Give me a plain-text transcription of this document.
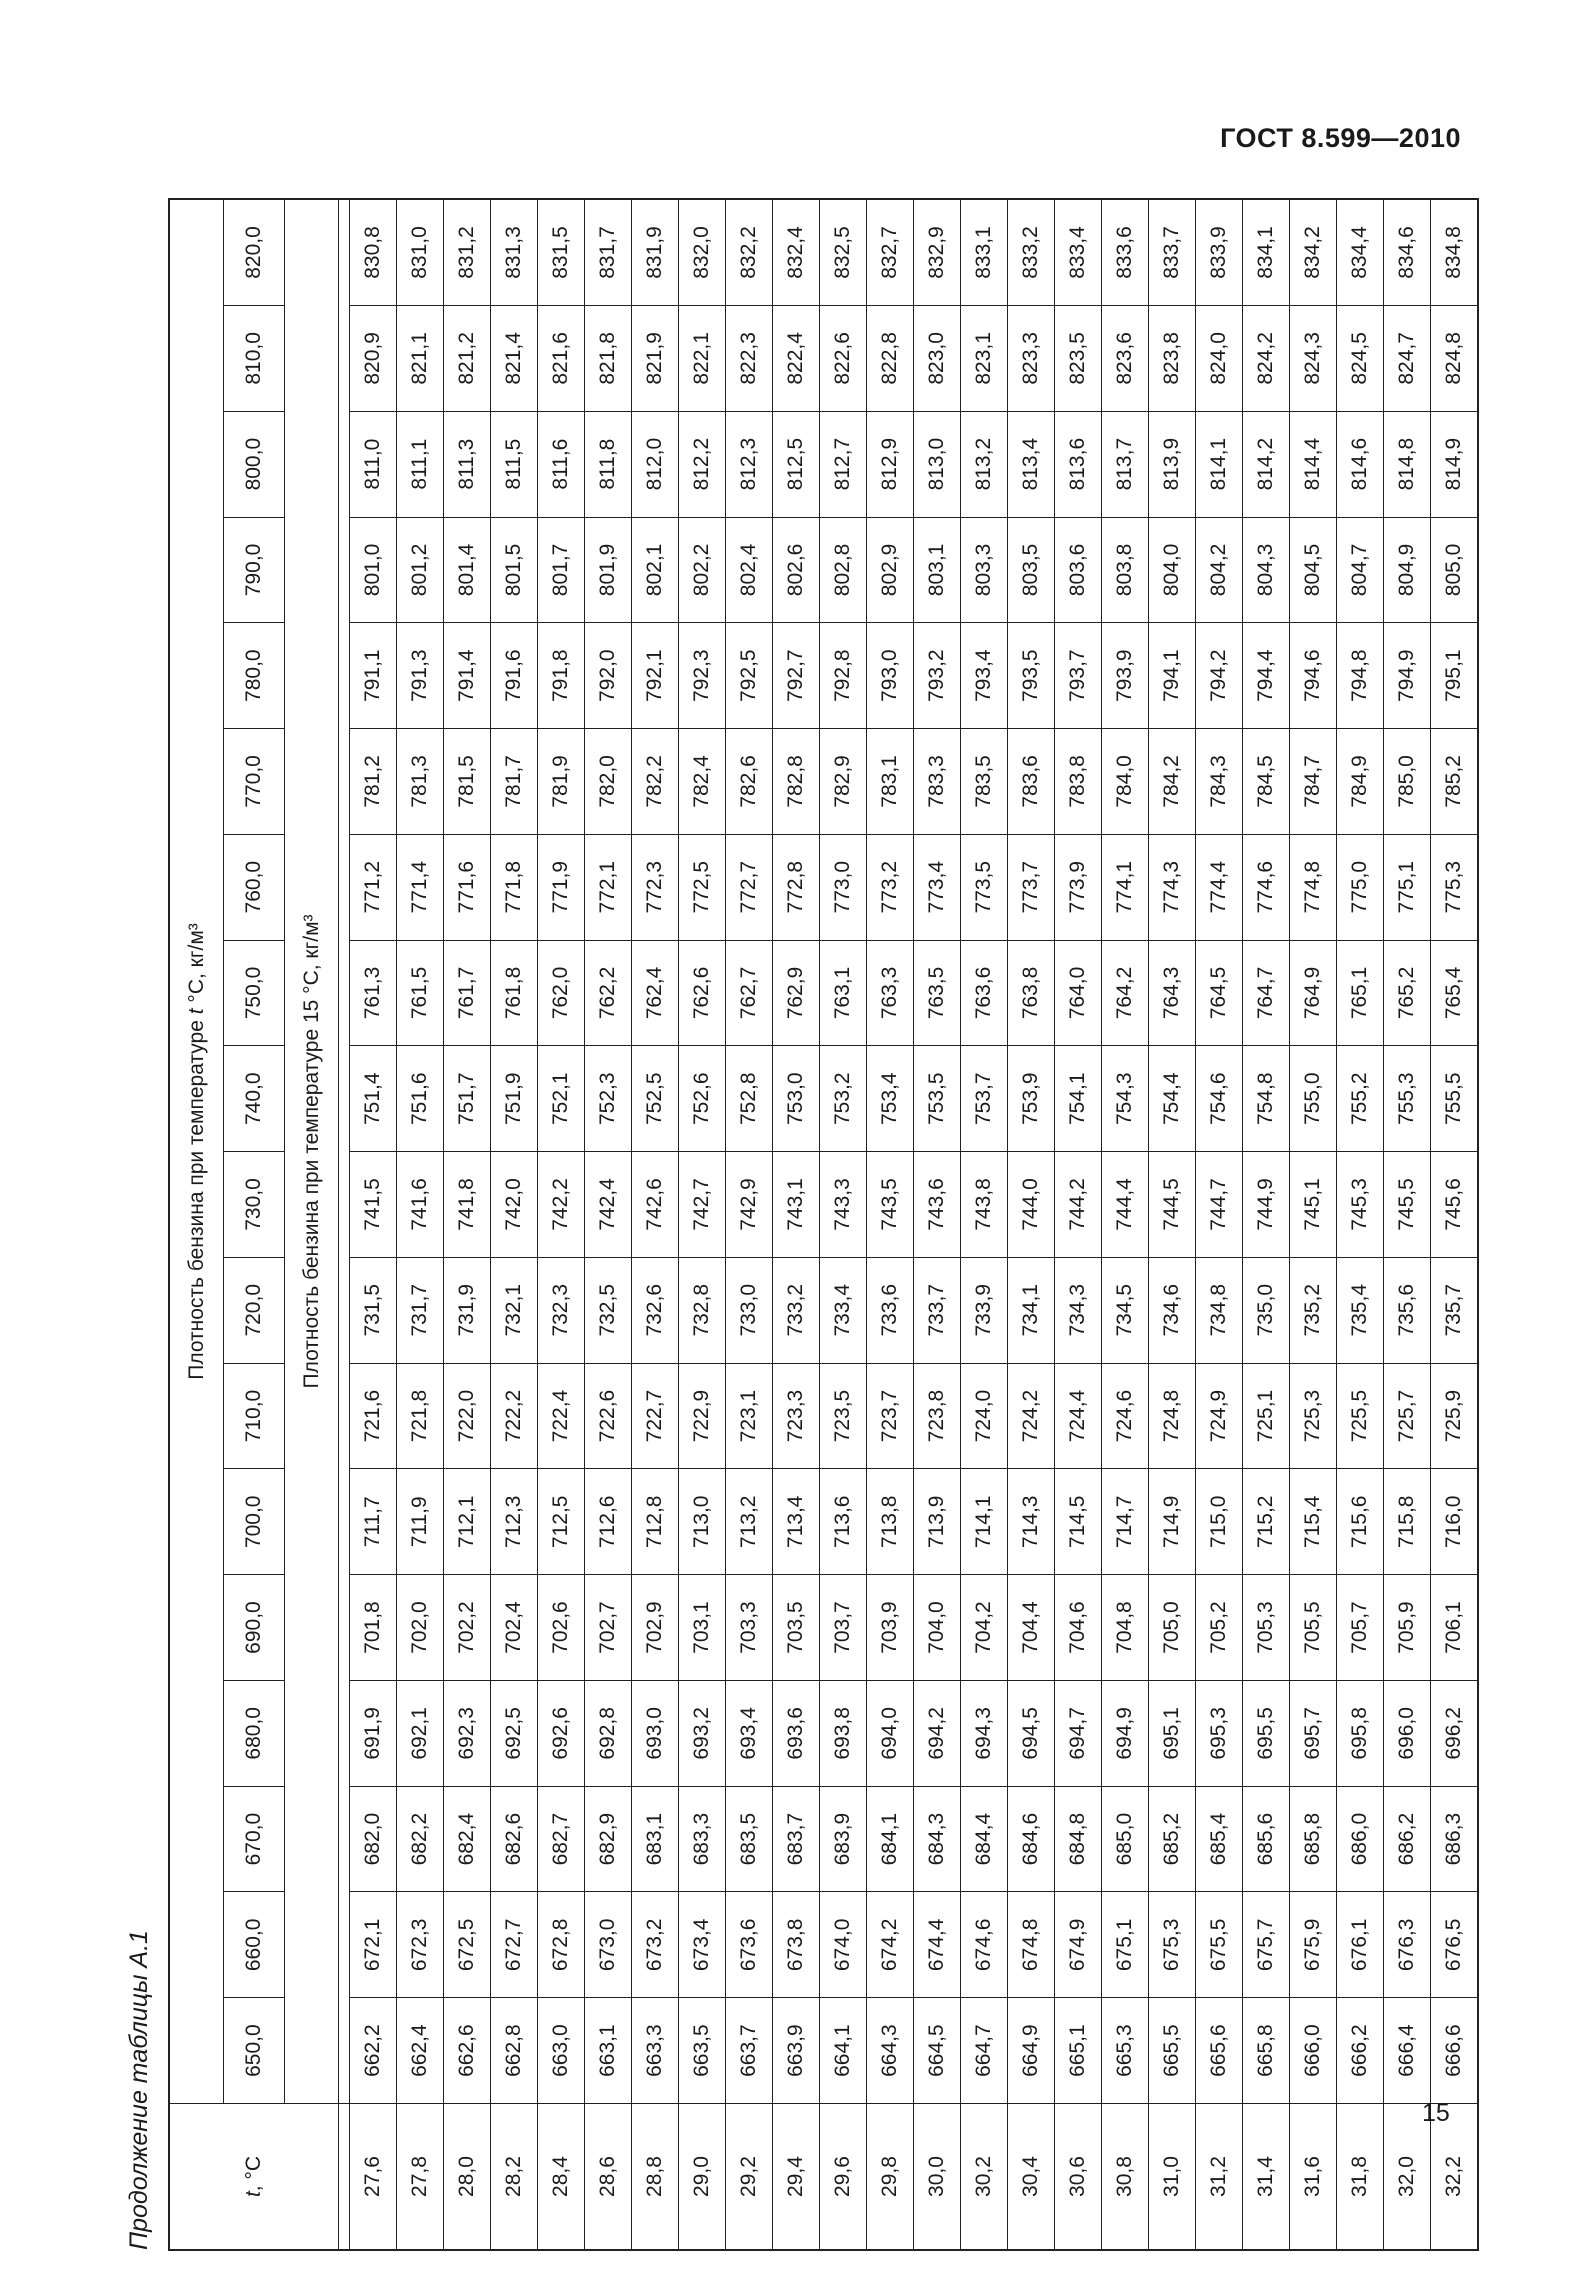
ГОСТ 8.599—2010
Продолжение таблицы А.1	t, °С	Плотность бензина при температуре t °С, кг/м³																	
	650,0	660,0	670,0	680,0	690,0	700,0	710,0	720,0	730,0	740,0	750,0	760,0	770,0	780,0	790,0	800,0	810,0	820,0
	Плотность бензина при температуре 15 °С, кг/м³																	

27,6	662,2	672,1	682,0	691,9	701,8	711,7	721,6	731,5	741,5	751,4	761,3	771,2	781,2	791,1	801,0	811,0	820,9	830,8
27,8	662,4	672,3	682,2	692,1	702,0	711,9	721,8	731,7	741,6	751,6	761,5	771,4	781,3	791,3	801,2	811,1	821,1	831,0
28,0	662,6	672,5	682,4	692,3	702,2	712,1	722,0	731,9	741,8	751,7	761,7	771,6	781,5	791,4	801,4	811,3	821,2	831,2
28,2	662,8	672,7	682,6	692,5	702,4	712,3	722,2	732,1	742,0	751,9	761,8	771,8	781,7	791,6	801,5	811,5	821,4	831,3
28,4	663,0	672,8	682,7	692,6	702,6	712,5	722,4	732,3	742,2	752,1	762,0	771,9	781,9	791,8	801,7	811,6	821,6	831,5
28,6	663,1	673,0	682,9	692,8	702,7	712,6	722,6	732,5	742,4	752,3	762,2	772,1	782,0	792,0	801,9	811,8	821,8	831,7
28,8	663,3	673,2	683,1	693,0	702,9	712,8	722,7	732,6	742,6	752,5	762,4	772,3	782,2	792,1	802,1	812,0	821,9	831,9
29,0	663,5	673,4	683,3	693,2	703,1	713,0	722,9	732,8	742,7	752,6	762,6	772,5	782,4	792,3	802,2	812,2	822,1	832,0
29,2	663,7	673,6	683,5	693,4	703,3	713,2	723,1	733,0	742,9	752,8	762,7	772,7	782,6	792,5	802,4	812,3	822,3	832,2
29,4	663,9	673,8	683,7	693,6	703,5	713,4	723,3	733,2	743,1	753,0	762,9	772,8	782,8	792,7	802,6	812,5	822,4	832,4
29,6	664,1	674,0	683,9	693,8	703,7	713,6	723,5	733,4	743,3	753,2	763,1	773,0	782,9	792,8	802,8	812,7	822,6	832,5
29,8	664,3	674,2	684,1	694,0	703,9	713,8	723,7	733,6	743,5	753,4	763,3	773,2	783,1	793,0	802,9	812,9	822,8	832,7
30,0	664,5	674,4	684,3	694,2	704,0	713,9	723,8	733,7	743,6	753,5	763,5	773,4	783,3	793,2	803,1	813,0	823,0	832,9
30,2	664,7	674,6	684,4	694,3	704,2	714,1	724,0	733,9	743,8	753,7	763,6	773,5	783,5	793,4	803,3	813,2	823,1	833,1
30,4	664,9	674,8	684,6	694,5	704,4	714,3	724,2	734,1	744,0	753,9	763,8	773,7	783,6	793,5	803,5	813,4	823,3	833,2
30,6	665,1	674,9	684,8	694,7	704,6	714,5	724,4	734,3	744,2	754,1	764,0	773,9	783,8	793,7	803,6	813,6	823,5	833,4
30,8	665,3	675,1	685,0	694,9	704,8	714,7	724,6	734,5	744,4	754,3	764,2	774,1	784,0	793,9	803,8	813,7	823,6	833,6
31,0	665,5	675,3	685,2	695,1	705,0	714,9	724,8	734,6	744,5	754,4	764,3	774,3	784,2	794,1	804,0	813,9	823,8	833,7
31,2	665,6	675,5	685,4	695,3	705,2	715,0	724,9	734,8	744,7	754,6	764,5	774,4	784,3	794,2	804,2	814,1	824,0	833,9
31,4	665,8	675,7	685,6	695,5	705,3	715,2	725,1	735,0	744,9	754,8	764,7	774,6	784,5	794,4	804,3	814,2	824,2	834,1
31,6	666,0	675,9	685,8	695,7	705,5	715,4	725,3	735,2	745,1	755,0	764,9	774,8	784,7	794,6	804,5	814,4	824,3	834,2
31,8	666,2	676,1	686,0	695,8	705,7	715,6	725,5	735,4	745,3	755,2	765,1	775,0	784,9	794,8	804,7	814,6	824,5	834,4
32,0	666,4	676,3	686,2	696,0	705,9	715,8	725,7	735,6	745,5	755,3	765,2	775,1	785,0	794,9	804,9	814,8	824,7	834,6
32,2	666,6	676,5	686,3	696,2	706,1	716,0	725,9	735,7	745,6	755,5	765,4	775,3	785,2	795,1	805,0	814,9	824,8	834,8
15
